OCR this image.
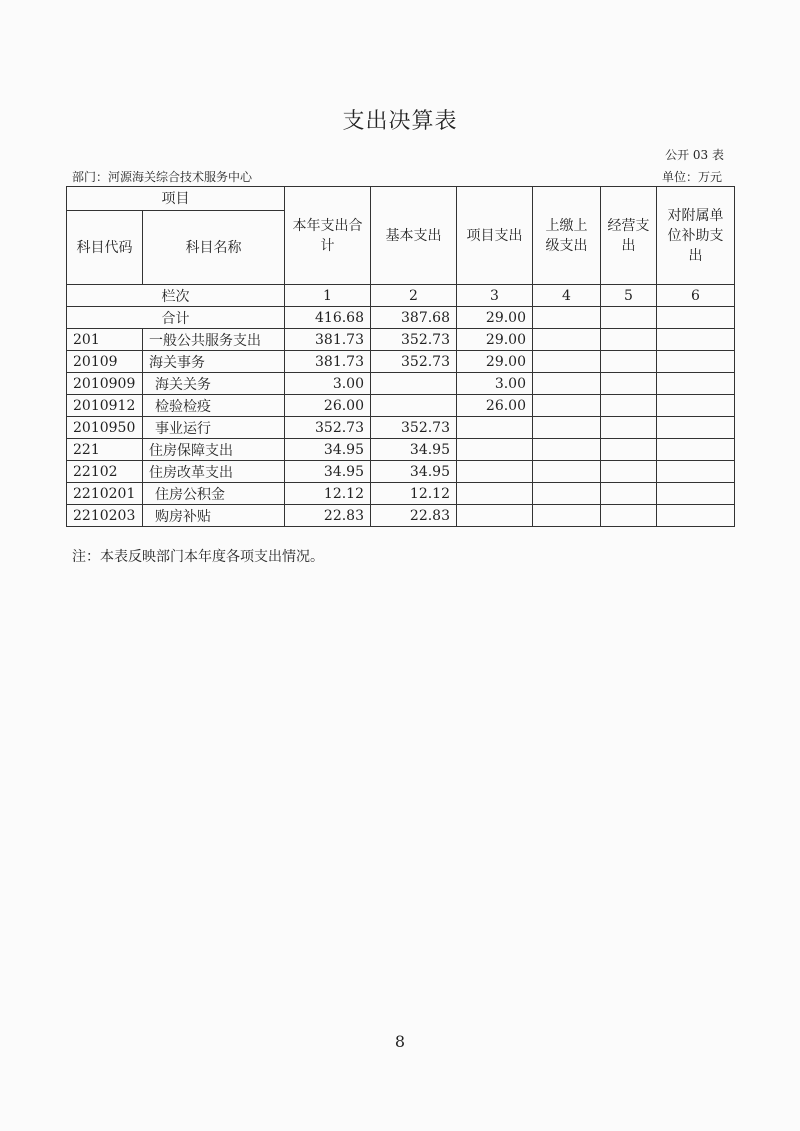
支出决算表
公开 03 表
部门：河源海关综合技术服务中心	单位：万元
项目		本年支出合计	基本支出	项目支出	上缴上级支出	经营支出	对附属单位补助支出
科目代码	科目名称						
栏次		1	2	3	4	5	6
合计		416.68	387.68	29.00			
201	一般公共服务支出	381.73	352.73	29.00			
20109	海关事务	381.73	352.73	29.00			
2010909	海关关务	3.00		3.00			
2010912	检验检疫	26.00		26.00			
2010950	事业运行	352.73	352.73				
221	住房保障支出	34.95	34.95				
22102	住房改革支出	34.95	34.95				
2210201	住房公积金	12.12	12.12				
2210203	购房补贴	22.83	22.83				
注：本表反映部门本年度各项支出情况。
8
